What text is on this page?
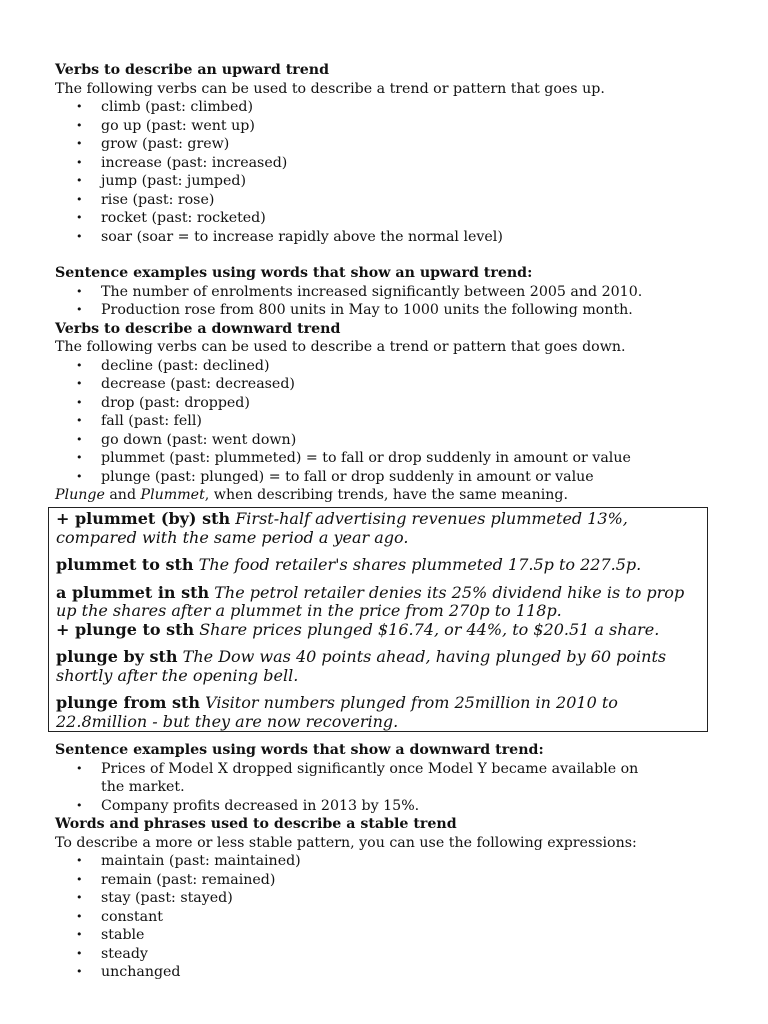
Verbs to describe an upward trend
The following verbs can be used to describe a trend or pattern that goes up.
• climb (past: climbed)
• go up (past: went up)
• grow (past: grew)
• increase (past: increased)
• jump (past: jumped)
• rise (past: rose)
• rocket (past: rocketed)
• soar (soar = to increase rapidly above the normal level)
Sentence examples using words that show an upward trend:
• The number of enrolments increased significantly between 2005 and 2010.
• Production rose from 800 units in May to 1000 units the following month.
Verbs to describe a downward trend
The following verbs can be used to describe a trend or pattern that goes down.
• decline (past: declined)
• decrease (past: decreased)
• drop (past: dropped)
• fall (past: fell)
• go down (past: went down)
• plummet (past: plummeted) = to fall or drop suddenly in amount or value
• plunge (past: plunged) = to fall or drop suddenly in amount or value
Plunge and Plummet, when describing trends, have the same meaning.
+ plummet (by) sth First-half advertising revenues plummeted 13%, compared with the same period a year ago.
plummet to sth The food retailer's shares plummeted 17.5p to 227.5p.
a plummet in sth The petrol retailer denies its 25% dividend hike is to prop up the shares after a plummet in the price from 270p to 118p.
+ plunge to sth Share prices plunged $16.74, or 44%, to $20.51 a share.
plunge by sth The Dow was 40 points ahead, having plunged by 60 points shortly after the opening bell.
plunge from sth Visitor numbers plunged from 25million in 2010 to 22.8million - but they are now recovering.
Sentence examples using words that show a downward trend:
• Prices of Model X dropped significantly once Model Y became available on the market.
• Company profits decreased in 2013 by 15%.
Words and phrases used to describe a stable trend
To describe a more or less stable pattern, you can use the following expressions:
• maintain (past: maintained)
• remain (past: remained)
• stay (past: stayed)
• constant
• stable
• steady
• unchanged
